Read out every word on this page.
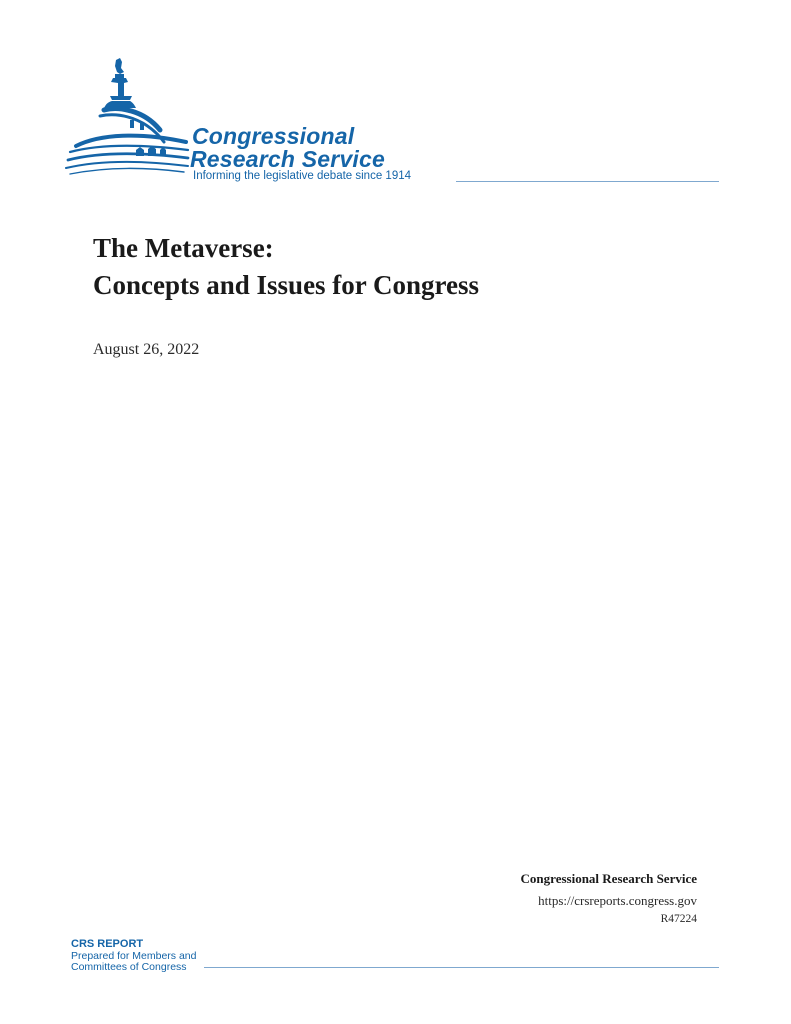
Congressional
Research Service
Informing the legislative debate since 1914
The Metaverse:
Concepts and Issues for Congress
August 26, 2022
Congressional Research Service
https://crsreports.congress.gov
R47224
CRS REPORT
Prepared for Members and
Committees of Congress
